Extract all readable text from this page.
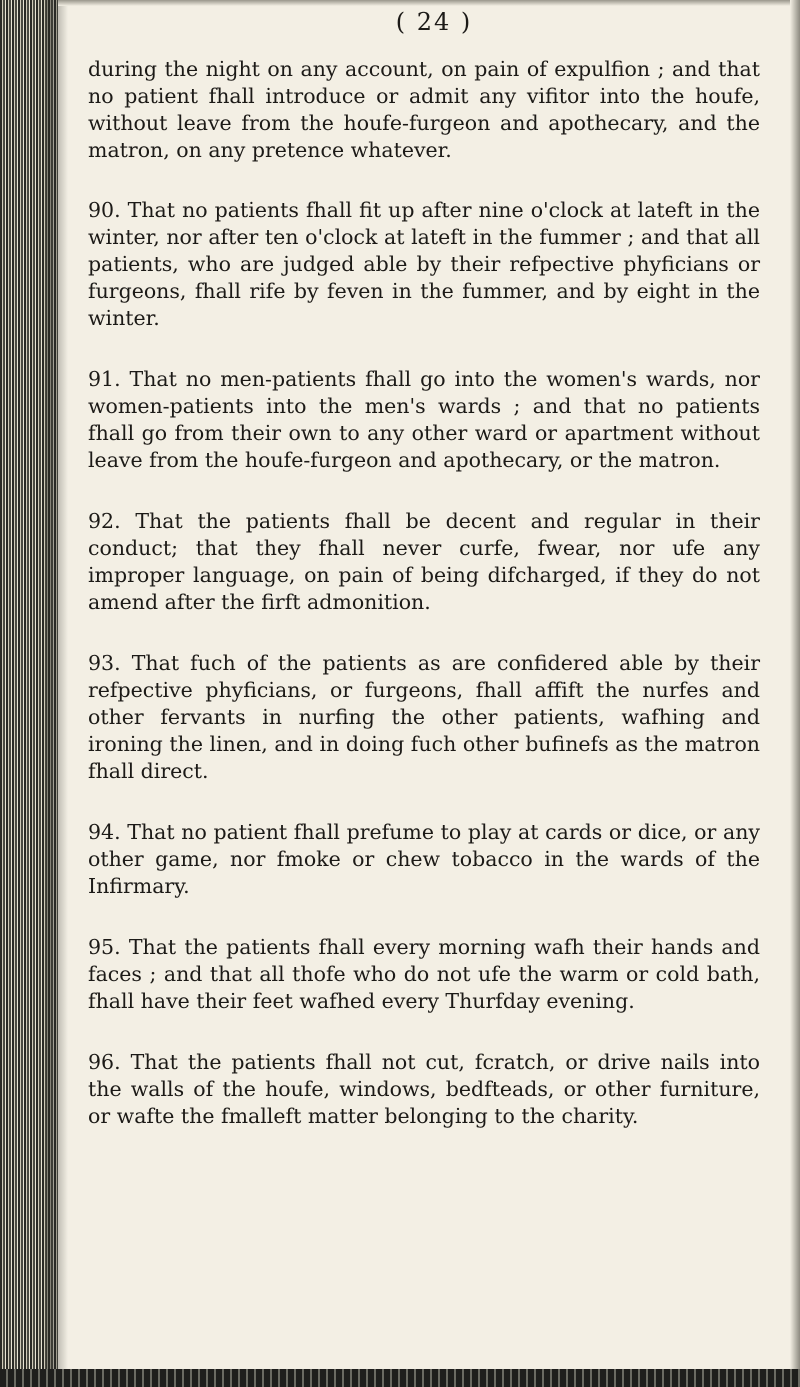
( 24 )

during the night on any account, on pain of expulfion ; and that no patient fhall introduce or admit any vifitor into the houfe, without leave from the houfe-furgeon and apothecary, and the matron, on any pretence whatever.

90. That no patients fhall fit up after nine o'clock at lateft in the winter, nor after ten o'clock at lateft in the fummer ; and that all patients, who are judged able by their refpective phyficians or furgeons, fhall rife by feven in the fummer, and by eight in the winter.

91. That no men-patients fhall go into the women's wards, nor women-patients into the men's wards ; and that no patients fhall go from their own to any other ward or apartment without leave from the houfe-furgeon and apothecary, or the matron.

92. That the patients fhall be decent and regular in their conduct; that they fhall never curfe, fwear, nor ufe any improper language, on pain of being difcharged, if they do not amend after the firft admonition.

93. That fuch of the patients as are confidered able by their refpective phyficians, or furgeons, fhall affift the nurfes and other fervants in nurfing the other patients, wafhing and ironing the linen, and in doing fuch other bufinefs as the matron fhall direct.

94. That no patient fhall prefume to play at cards or dice, or any other game, nor fmoke or chew tobacco in the wards of the Infirmary.

95. That the patients fhall every morning wafh their hands and faces ; and that all thofe who do not ufe the warm or cold bath, fhall have their feet wafhed every Thurfday evening.

96. That the patients fhall not cut, fcratch, or drive nails into the walls of the houfe, windows, bedfteads, or other furniture, or wafte the fmalleft matter belonging to the charity.
